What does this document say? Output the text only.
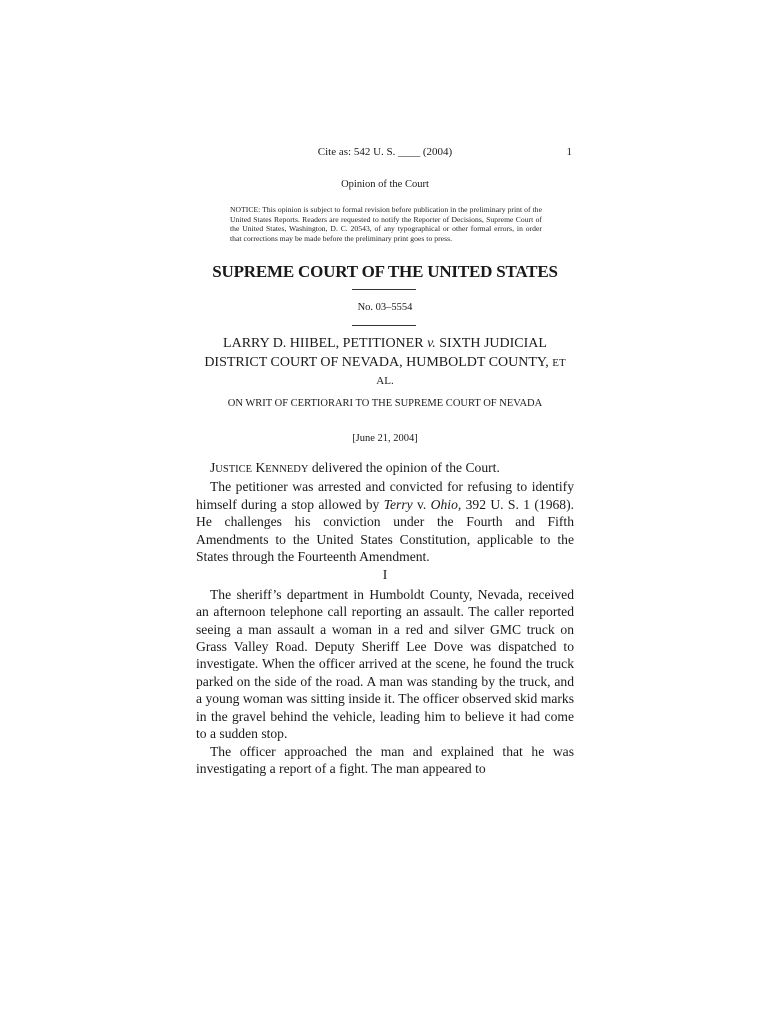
Cite as: 542 U. S. ____ (2004)	1
Opinion of the Court
NOTICE: This opinion is subject to formal revision before publication in the preliminary print of the United States Reports. Readers are requested to notify the Reporter of Decisions, Supreme Court of the United States, Washington, D. C. 20543, of any typographical or other formal errors, in order that corrections may be made before the preliminary print goes to press.
SUPREME COURT OF THE UNITED STATES
No. 03–5554
LARRY D. HIIBEL, PETITIONER v. SIXTH JUDICIAL DISTRICT COURT OF NEVADA, HUMBOLDT COUNTY, ET AL.
ON WRIT OF CERTIORARI TO THE SUPREME COURT OF NEVADA
[June 21, 2004]

JUSTICE KENNEDY delivered the opinion of the Court.

The petitioner was arrested and convicted for refusing to identify himself during a stop allowed by Terry v. Ohio, 392 U. S. 1 (1968). He challenges his conviction under the Fourth and Fifth Amendments to the United States Constitution, applicable to the States through the Fourteenth Amendment.

I

The sheriff’s department in Humboldt County, Nevada, received an afternoon telephone call reporting an assault. The caller reported seeing a man assault a woman in a red and silver GMC truck on Grass Valley Road. Deputy Sheriff Lee Dove was dispatched to investigate. When the officer arrived at the scene, he found the truck parked on the side of the road. A man was standing by the truck, and a young woman was sitting inside it. The officer observed skid marks in the gravel behind the vehicle, leading him to believe it had come to a sudden stop.

The officer approached the man and explained that he was investigating a report of a fight. The man appeared to
